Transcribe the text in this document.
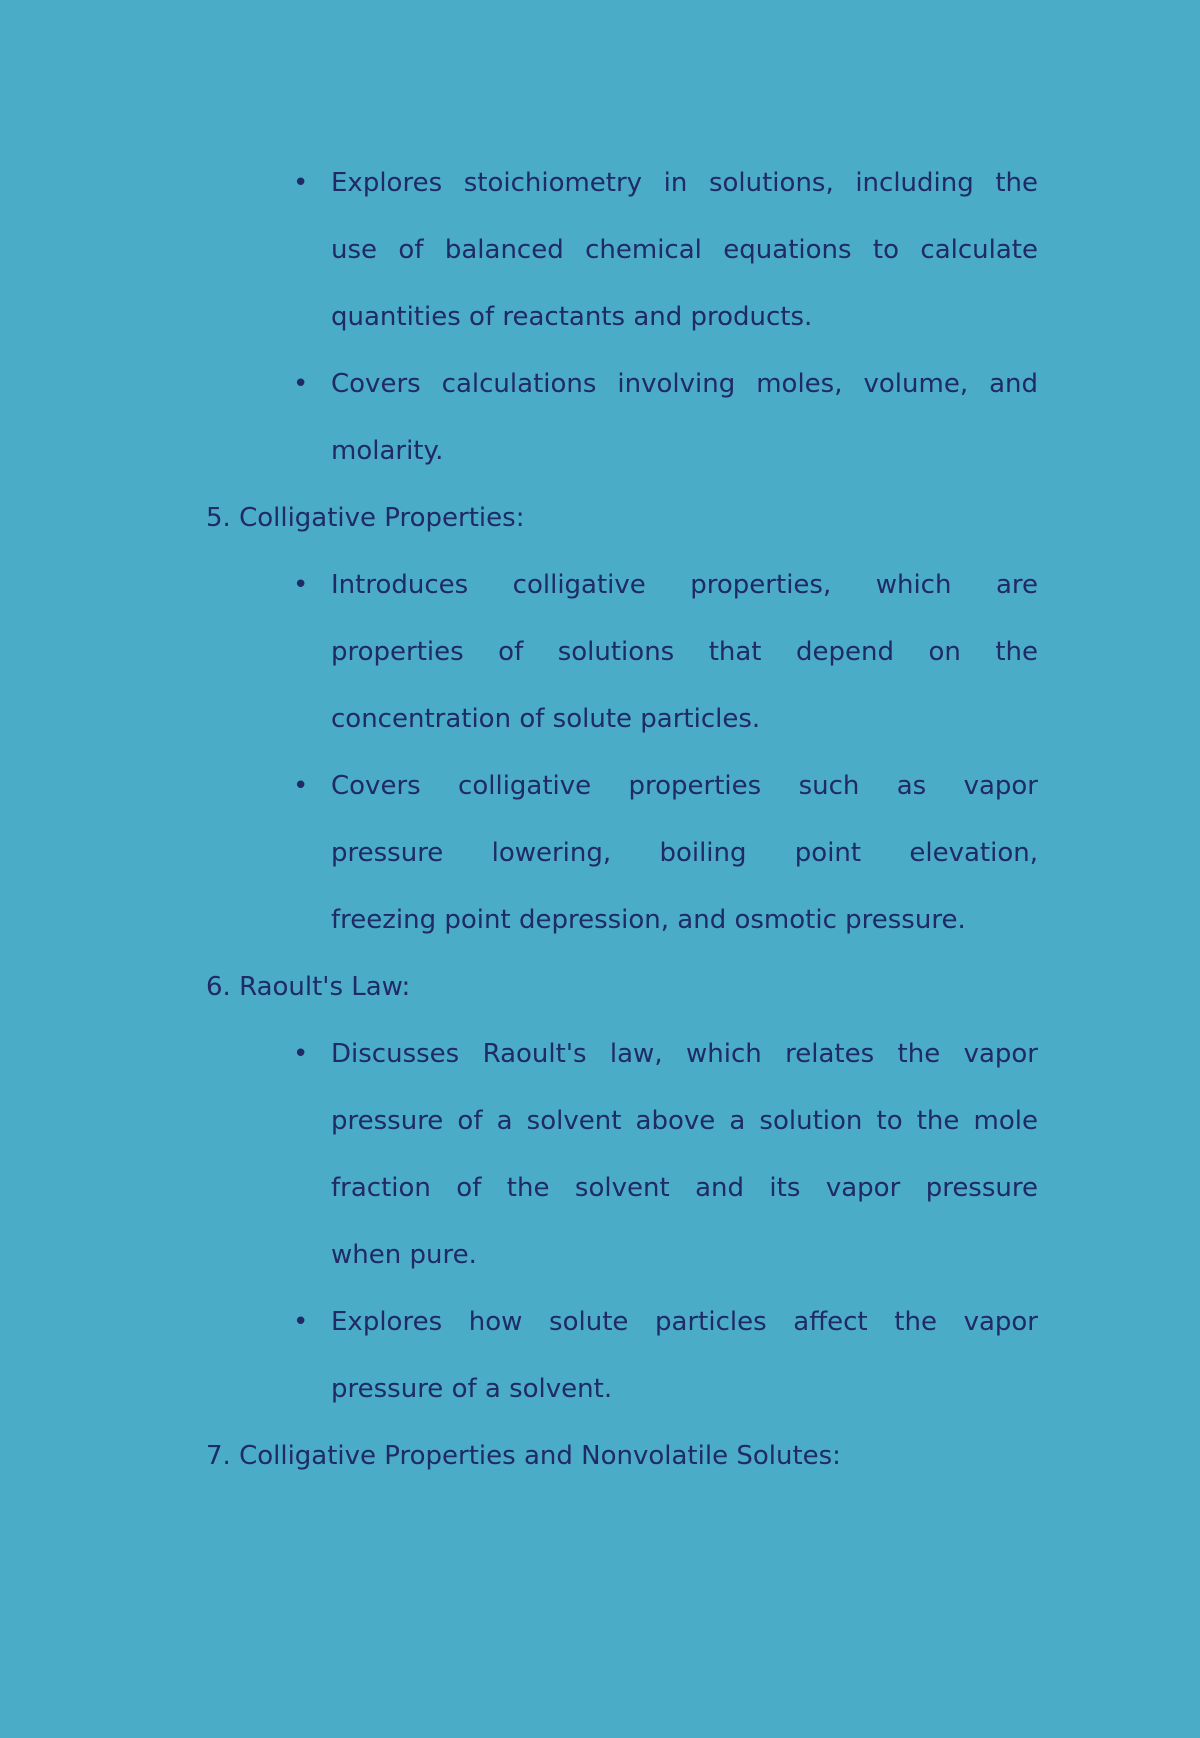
• Explores stoichiometry in solutions, including the
use of balanced chemical equations to calculate
quantities of reactants and products.
• Covers calculations involving moles, volume, and
molarity.
5. Colligative Properties:
• Introduces colligative properties, which are
properties of solutions that depend on the
concentration of solute particles.
• Covers colligative properties such as vapor
pressure lowering, boiling point elevation,
freezing point depression, and osmotic pressure.
6. Raoult's Law:
• Discusses Raoult's law, which relates the vapor
pressure of a solvent above a solution to the mole
fraction of the solvent and its vapor pressure
when pure.
• Explores how solute particles affect the vapor
pressure of a solvent.
7. Colligative Properties and Nonvolatile Solutes:
